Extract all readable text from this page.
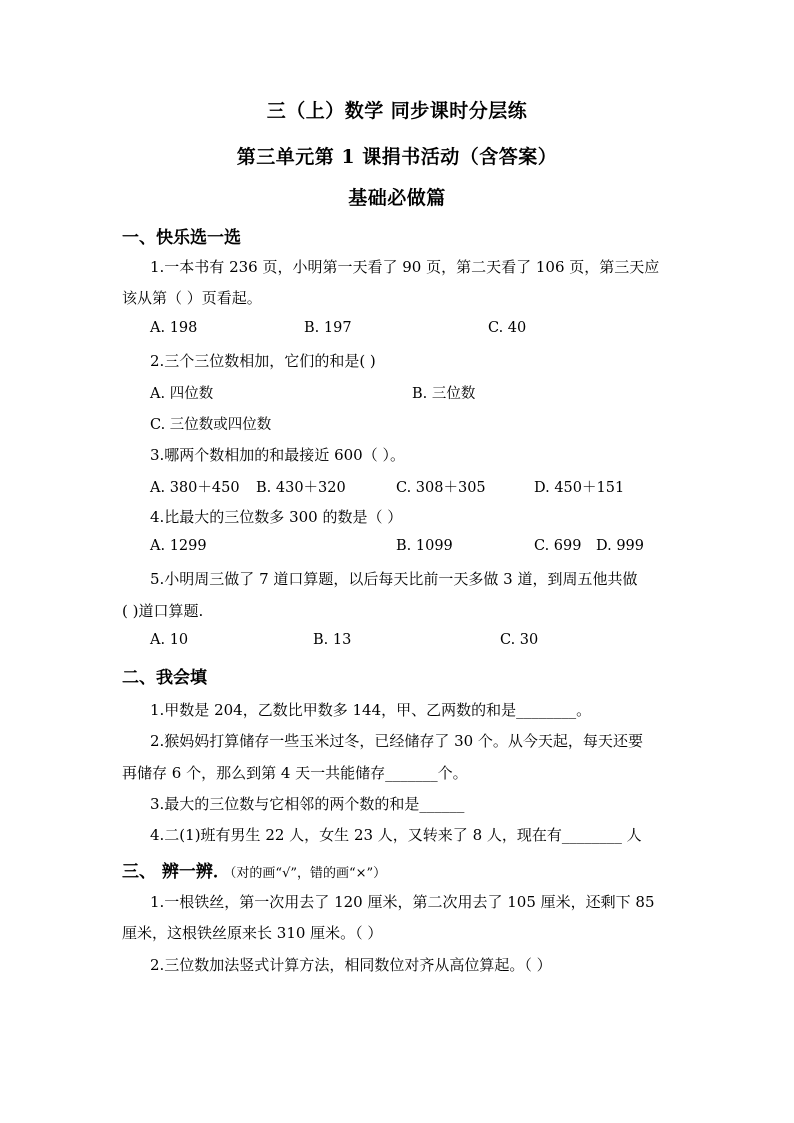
三（上）数学 同步课时分层练
第三单元第 1 课捐书活动（含答案）
基础必做篇
一、快乐选一选
1.一本书有 236 页，小明第一天看了 90 页，第二天看了 106 页，第三天应
该从第（ ）页看起。
A. 198	B. 197	C. 40
2.三个三位数相加，它们的和是( )
A. 四位数	B. 三位数
C. 三位数或四位数
3.哪两个数相加的和最接近 600（ ）。
A. 380＋450 B. 430＋320	C. 308＋305	D. 450＋151
4.比最大的三位数多 300 的数是（ ）
A. 1299	B. 1099	C. 699 D. 999
5.小明周三做了 7 道口算题，以后每天比前一天多做 3 道，到周五他共做
( )道口算题.
A. 10	B. 13	C. 30
二、我会填
1.甲数是 204，乙数比甲数多 144，甲、乙两数的和是________。
2.猴妈妈打算储存一些玉米过冬，已经储存了 30 个。从今天起，每天还要
再储存 6 个，那么到第 4 天一共能储存_______个。
3.最大的三位数与它相邻的两个数的和是______
4.二(1)班有男生 22 人，女生 23 人，又转来了 8 人，现在有________ 人
三、 辨一辨．（对的画“√”，错的画“×”）
1.一根铁丝，第一次用去了 120 厘米，第二次用去了 105 厘米，还剩下 85
厘米，这根铁丝原来长 310 厘米。（ ）
2.三位数加法竖式计算方法，相同数位对齐从高位算起。（ ）
